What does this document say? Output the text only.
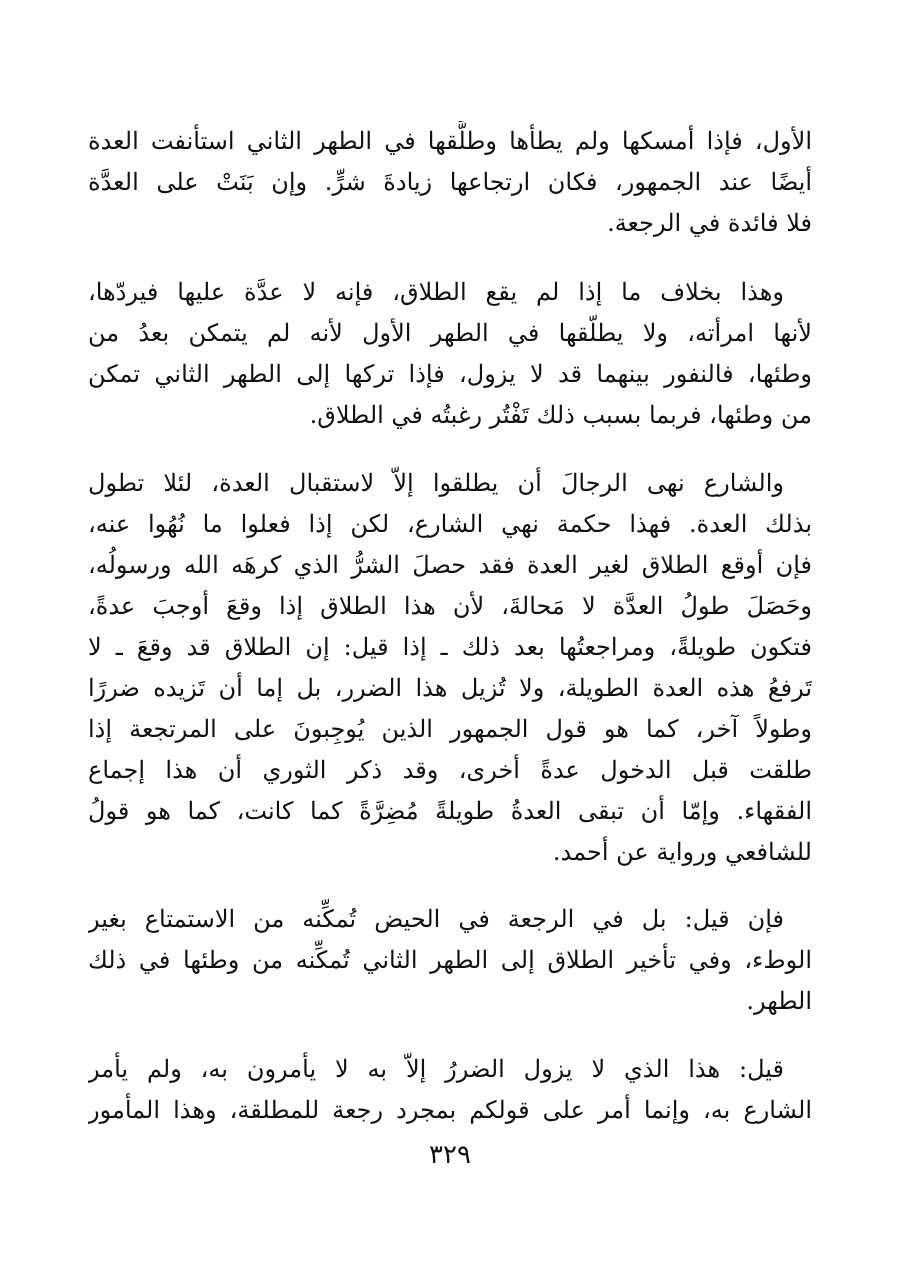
الأول، فإذا أمسكها ولم يطأها وطلَّقها في الطهر الثاني استأنفت العدة
أيضًا عند الجمهور، فكان ارتجاعها زيادةَ شرٍّ. وإن بَنَتْ على العدَّة
فلا فائدة في الرجعة.
وهذا بخلاف ما إذا لم يقع الطلاق، فإنه لا عدَّة عليها فيردّها،
لأنها امرأته، ولا يطلّقها في الطهر الأول لأنه لم يتمكن بعدُ من
وطئها، فالنفور بينهما قد لا يزول، فإذا تركها إلى الطهر الثاني تمكن
من وطئها، فربما بسبب ذلك تَفْتُر رغبتُه في الطلاق.
والشارع نهى الرجالَ أن يطلقوا إلاّ لاستقبال العدة، لئلا تطول
بذلك العدة. فهذا حكمة نهي الشارع، لكن إذا فعلوا ما نُهُوا عنه،
فإن أوقع الطلاق لغير العدة فقد حصلَ الشرُّ الذي كرهَه الله ورسولُه،
وحَصَلَ طولُ العدَّة لا مَحالةَ، لأن هذا الطلاق إذا وقعَ أوجبَ عدةً،
فتكون طويلةً، ومراجعتُها بعد ذلك ـ إذا قيل: إن الطلاق قد وقعَ ـ لا
تَرفعُ هذه العدة الطويلة، ولا تُزيل هذا الضرر، بل إما أن تَزيده ضررًا
وطولاً آخر، كما هو قول الجمهور الذين يُوجِبونَ على المرتجعة إذا
طلقت قبل الدخول عدةً أخرى، وقد ذكر الثوري أن هذا إجماع
الفقهاء. وإمّا أن تبقى العدةُ طويلةً مُضِرَّةً كما كانت، كما هو قولُ
للشافعي ورواية عن أحمد.
فإن قيل: بل في الرجعة في الحيض تُمكِّنه من الاستمتاع بغير
الوطء، وفي تأخير الطلاق إلى الطهر الثاني تُمكِّنه من وطئها في ذلك
الطهر.
قيل: هذا الذي لا يزول الضررُ إلاّ به لا يأمرون به، ولم يأمر
الشارع به، وإنما أمر على قولكم بمجرد رجعة للمطلقة، وهذا المأمور
٣٢٩
